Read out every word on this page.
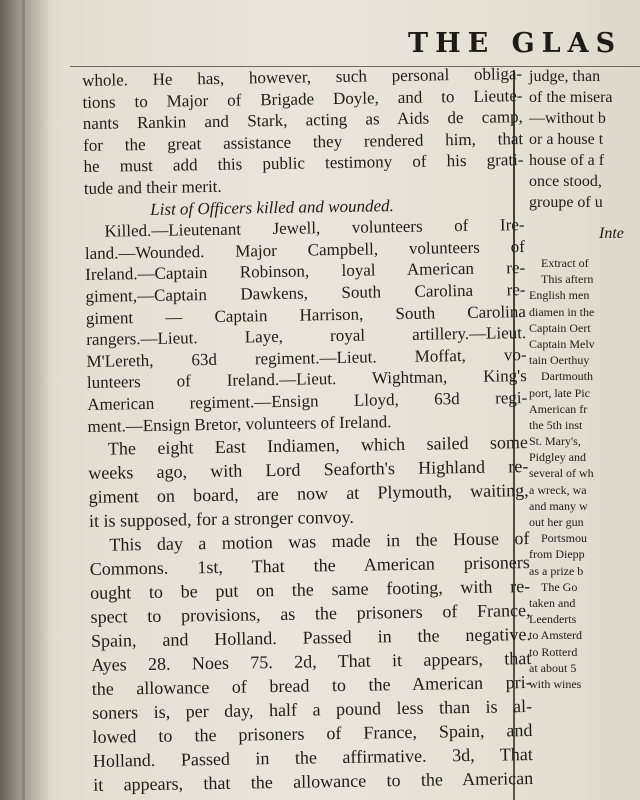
THE GLAS
whole. He has, however, such personal obliga-
tions to Major of Brigade Doyle, and to Lieute-
nants Rankin and Stark, acting as Aids de camp,
for the great assistance they rendered him, that
he must add this public testimony of his grati-
tude and their merit.
List of Officers killed and wounded.
Killed.—Lieutenant Jewell, volunteers of Ire-
land.—Wounded. Major Campbell, volunteers of
Ireland.—Captain Robinson, loyal American re-
giment,—Captain Dawkens, South Carolina re-
giment — Captain Harrison, South Carolina
rangers.—Lieut. Laye, royal artillery.—Lieut.
M'Lereth, 63d regiment.—Lieut. Moffat, vo-
lunteers of Ireland.—Lieut. Wightman, King's
American regiment.—Ensign Lloyd, 63d regi-
ment.—Ensign Bretor, volunteers of Ireland.
The eight East Indiamen, which sailed some
weeks ago, with Lord Seaforth's Highland re-
giment on board, are now at Plymouth, waiting,
it is supposed, for a stronger convoy.
This day a motion was made in the House of
Commons. 1st, That the American prisoners
ought to be put on the same footing, with re-
spect to provisions, as the prisoners of France,
Spain, and Holland. Passed in the negative.
Ayes 28. Noes 75. 2d, That it appears, that
the allowance of bread to the American pri-
soners is, per day, half a pound less than is al-
lowed to the prisoners of France, Spain, and
Holland. Passed in the affirmative. 3d, That
it appears, that the allowance to the American
judge, than
of the misera
—without b
or a house t
house of a f
once stood,
groupe of u
Inte
Extract of
This aftern
English men
diamen in the
Captain Oert
Captain Melv
tain Oerthuy
Dartmouth
port, late Pic
American fr
the 5th inst
St. Mary's,
Pidgley and
several of wh
a wreck, wa
and many w
out her gun
Portsmou
from Diepp
as a prize b
The Go
taken and
Leenderts
to Amsterd
to Rotterd
at about 5
with wines
